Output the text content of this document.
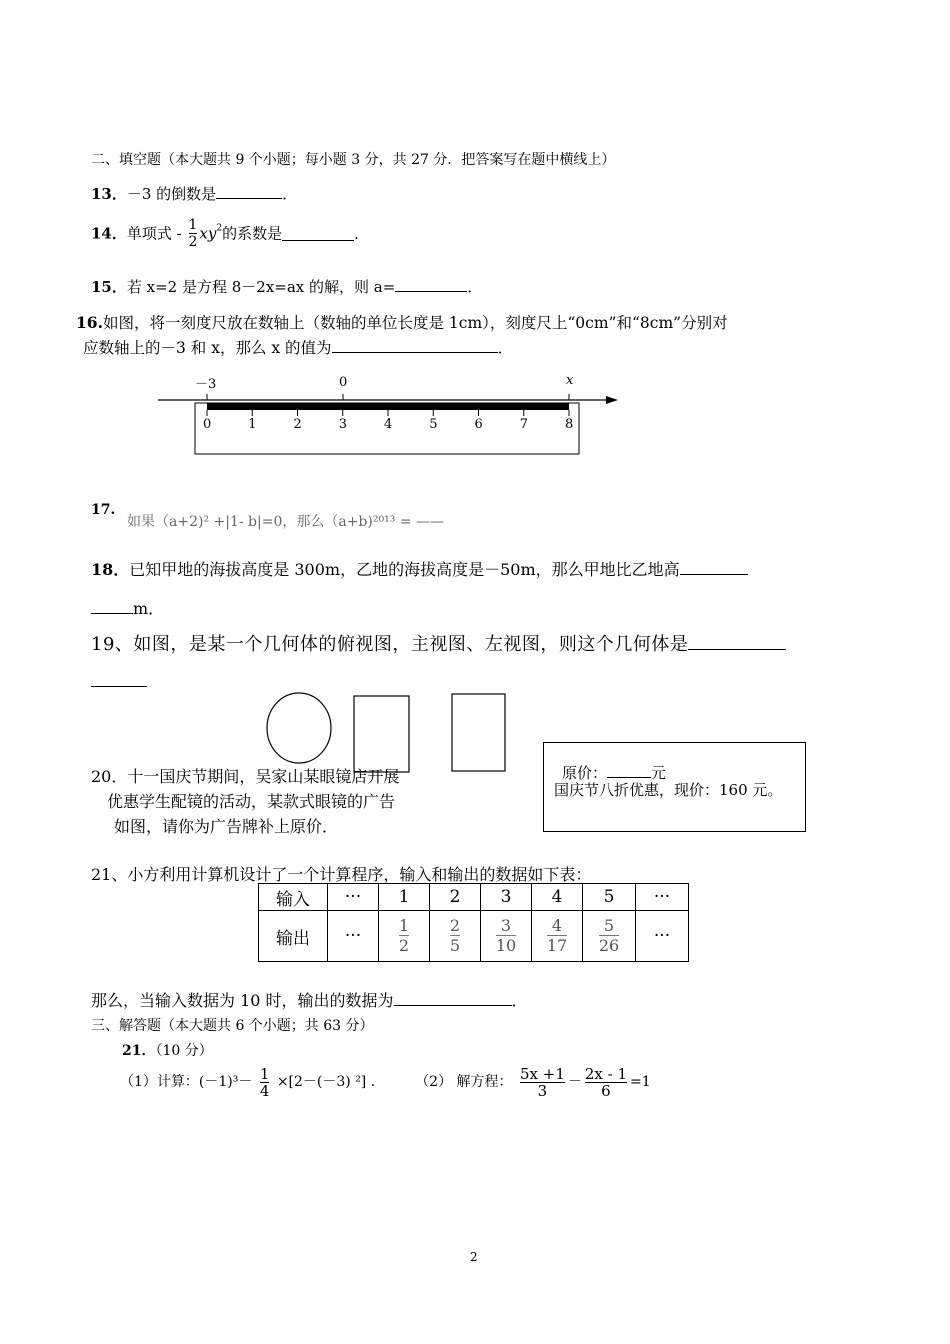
二、填空题（本大题共 9 个小题；每小题 3 分，共 27 分．把答案写在题中横线上）
13．－3 的倒数是	．
14．单项式 - $\frac{1}{2} xy^2$的系数是	．
15．若 x=2 是方程 8－2x=ax 的解，则 a=	．
16.如图，将一刻度尺放在数轴上（数轴的单位长度是 1cm），刻度尺上“0cm”和“8cm”分别对
应数轴上的－3 和 x，那么 x 的值为	．
－3	0	x
0	1	2	3	4	5	6	7	8
17.
如果（a+2)² +|1- b|=0，那么（a+b)²⁰¹³ = ——
18．已知甲地的海拔高度是 300m，乙地的海拔高度是－50m，那么甲地比乙地高
m．
19、如图，是某一个几何体的俯视图，主视图、左视图，则这个几何体是
20．十一国庆节期间，吴家山某眼镜店开展
优惠学生配镜的活动，某款式眼镜的广告
如图，请你为广告牌补上原价．
原价：	元
国庆节八折优惠，现价：160 元。
21、小方利用计算机设计了一个计算程序，输入和输出的数据如下表：
输入	···	1	2	3	4	5	···
输出	···	$\frac{1}{2}$	$\frac{2}{5}$	$\frac{3}{10}$	$\frac{4}{17}$	$\frac{5}{26}$	···
那么，当输入数据为 10 时，输出的数据为	．
三、解答题（本大题共 6 个小题；共 63 分）
21．（10 分）
（1）计算：$(-1)^3- \frac{1}{4} \times[2-(-3)$ ²] ． （2） 解方程： $\frac{5x +1}{3} - \frac{2x - 1}{6} =1$
2
